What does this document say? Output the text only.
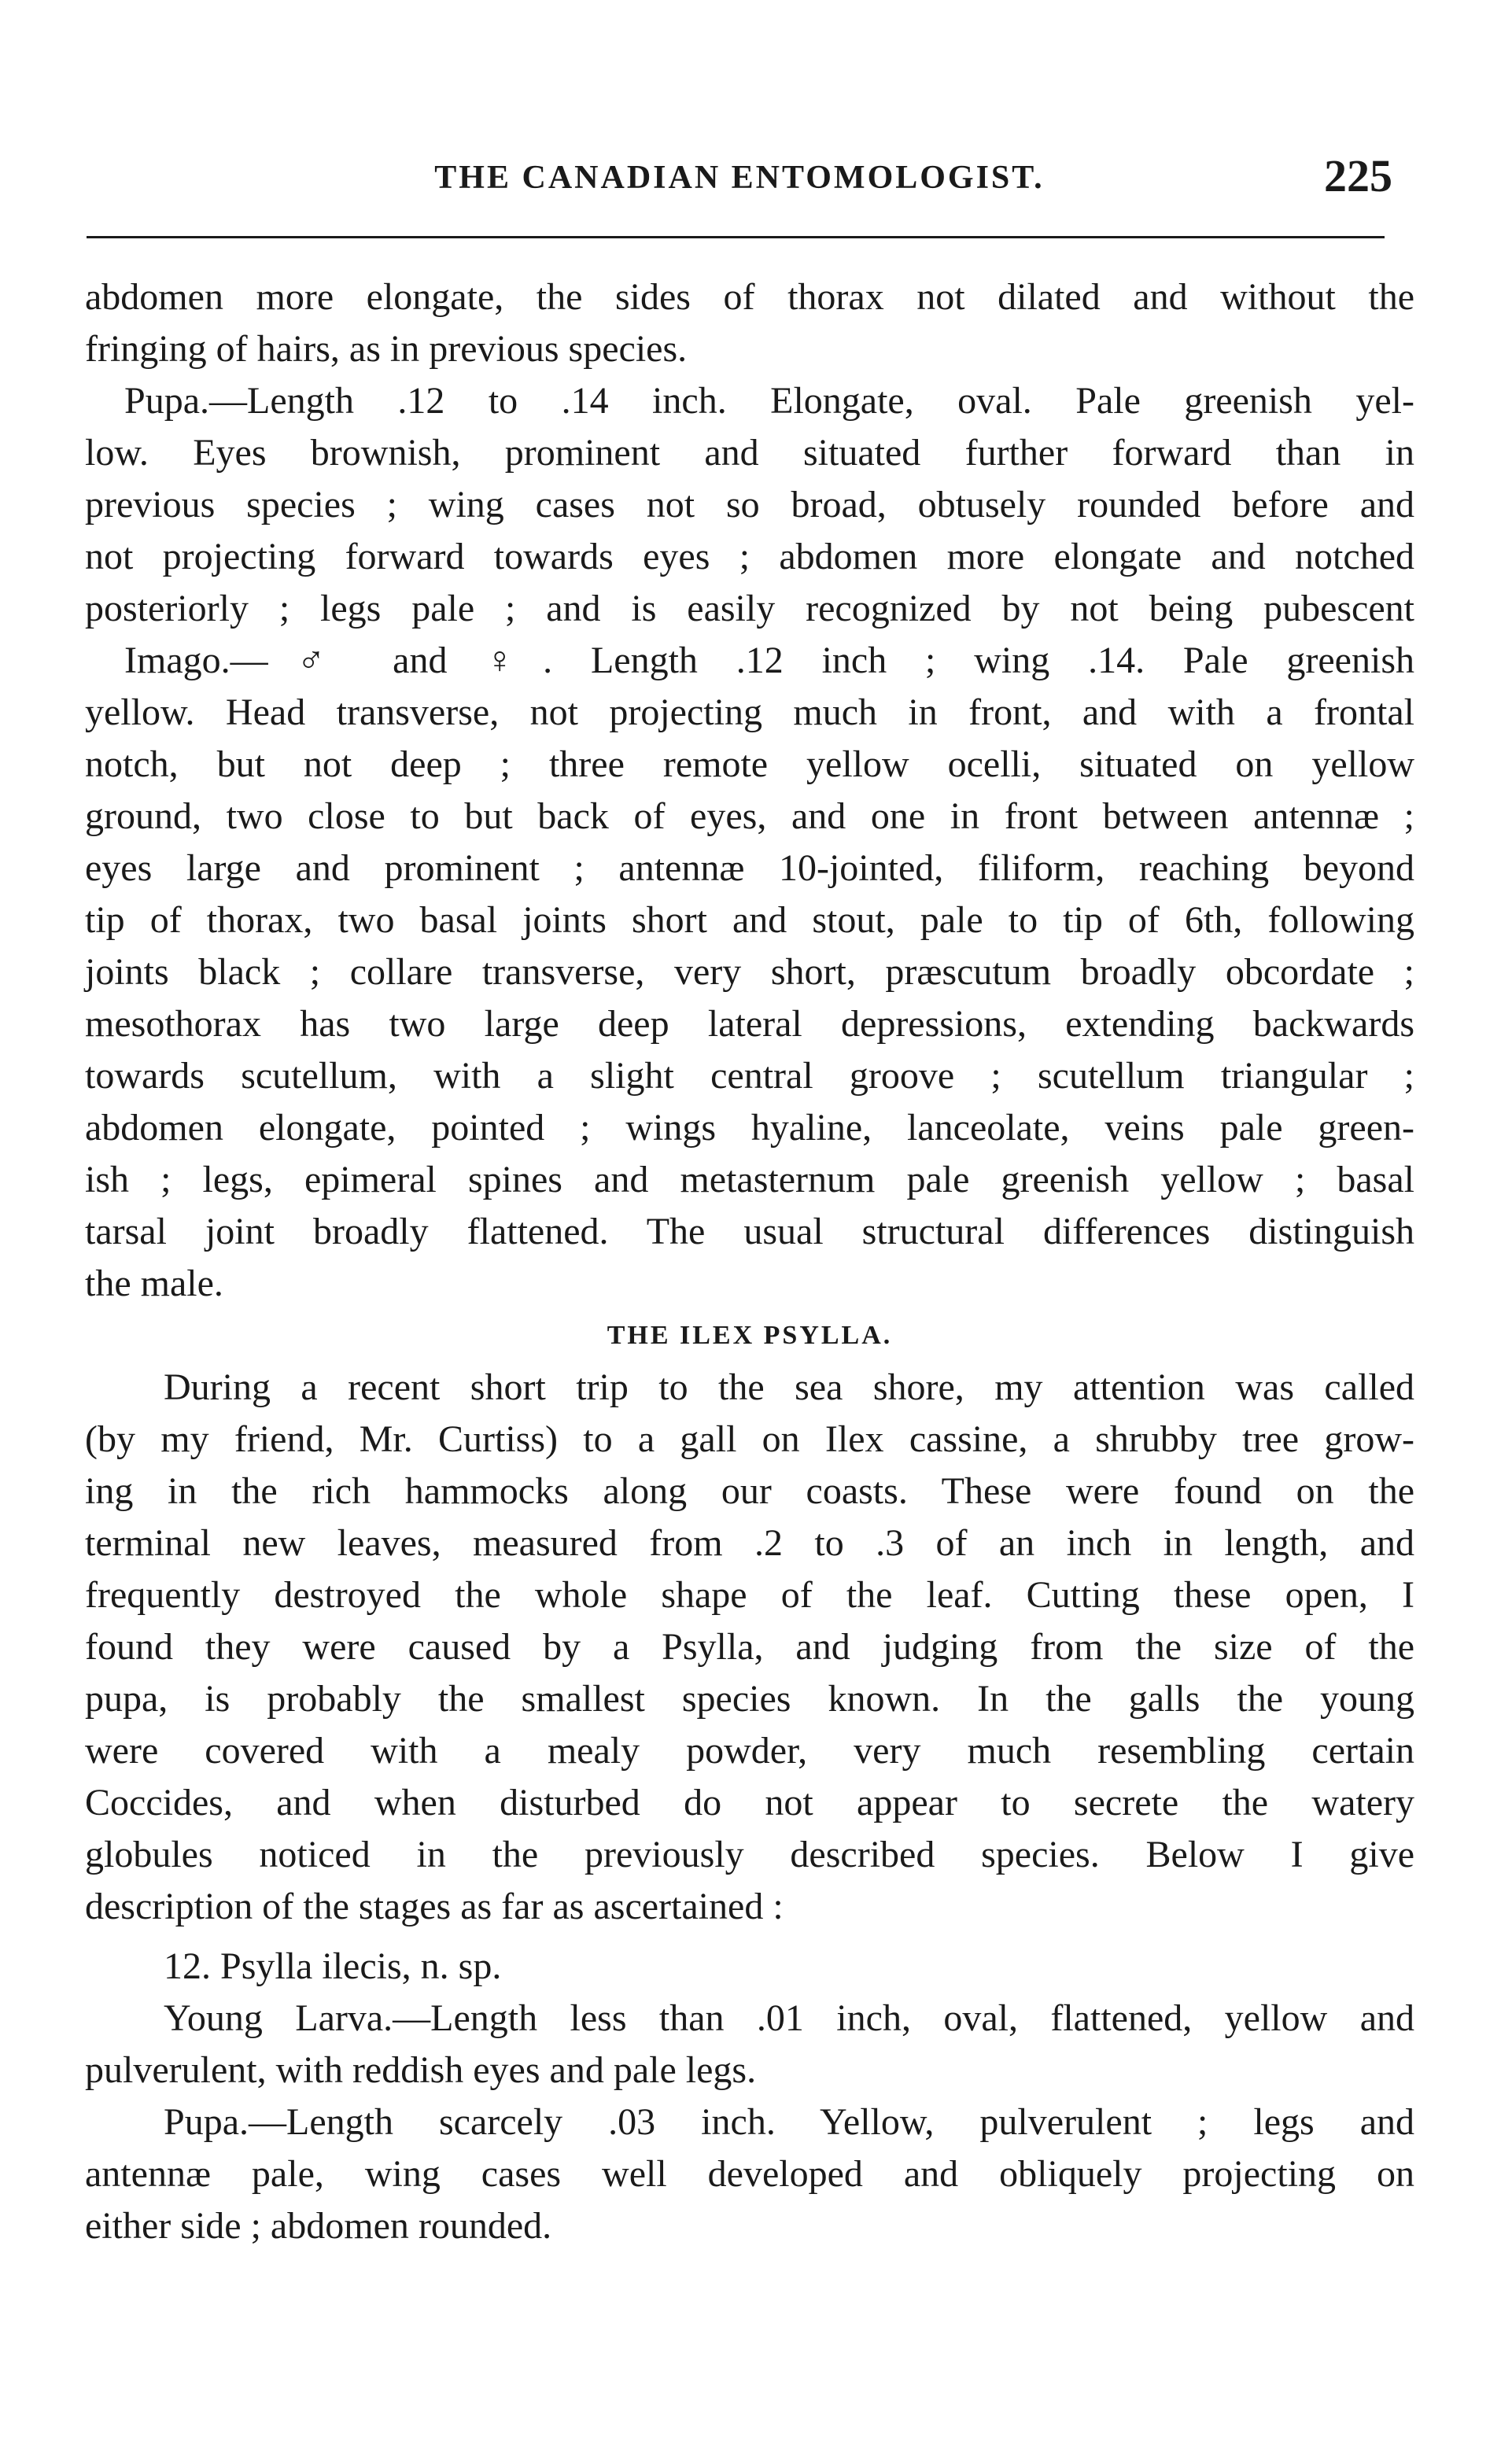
THE CANADIAN ENTOMOLOGIST.	225
abdomen more elongate, the sides of thorax not dilated and without the
fringing of hairs, as in previous species.
Pupa.—Length .12 to .14 inch. Elongate, oval. Pale greenish yel-
low. Eyes brownish, prominent and situated further forward than in
previous species ; wing cases not so broad, obtusely rounded before and
not projecting forward towards eyes ; abdomen more elongate and notched
posteriorly ; legs pale ; and is easily recognized by not being pubescent
Imago.—♂ and ♀. Length .12 inch ; wing .14. Pale greenish
yellow. Head transverse, not projecting much in front, and with a frontal
notch, but not deep ; three remote yellow ocelli, situated on yellow
ground, two close to but back of eyes, and one in front between antennæ ;
eyes large and prominent ; antennæ 10-jointed, filiform, reaching beyond
tip of thorax, two basal joints short and stout, pale to tip of 6th, following
joints black ; collare transverse, very short, præscutum broadly obcordate ;
mesothorax has two large deep lateral depressions, extending backwards
towards scutellum, with a slight central groove ; scutellum triangular ;
abdomen elongate, pointed ; wings hyaline, lanceolate, veins pale green-
ish ; legs, epimeral spines and metasternum pale greenish yellow ; basal
tarsal joint broadly flattened. The usual structural differences distinguish
the male.
THE ILEX PSYLLA.
During a recent short trip to the sea shore, my attention was called
(by my friend, Mr. Curtiss) to a gall on Ilex cassine, a shrubby tree grow-
ing in the rich hammocks along our coasts. These were found on the
terminal new leaves, measured from .2 to .3 of an inch in length, and
frequently destroyed the whole shape of the leaf. Cutting these open, I
found they were caused by a Psylla, and judging from the size of the
pupa, is probably the smallest species known. In the galls the young
were covered with a mealy powder, very much resembling certain
Coccides, and when disturbed do not appear to secrete the watery
globules noticed in the previously described species. Below I give
description of the stages as far as ascertained :
12. Psylla ilecis, n. sp.
Young Larva.—Length less than .01 inch, oval, flattened, yellow and
pulverulent, with reddish eyes and pale legs.
Pupa.—Length scarcely .03 inch. Yellow, pulverulent ; legs and
antennæ pale, wing cases well developed and obliquely projecting on
either side ; abdomen rounded.
